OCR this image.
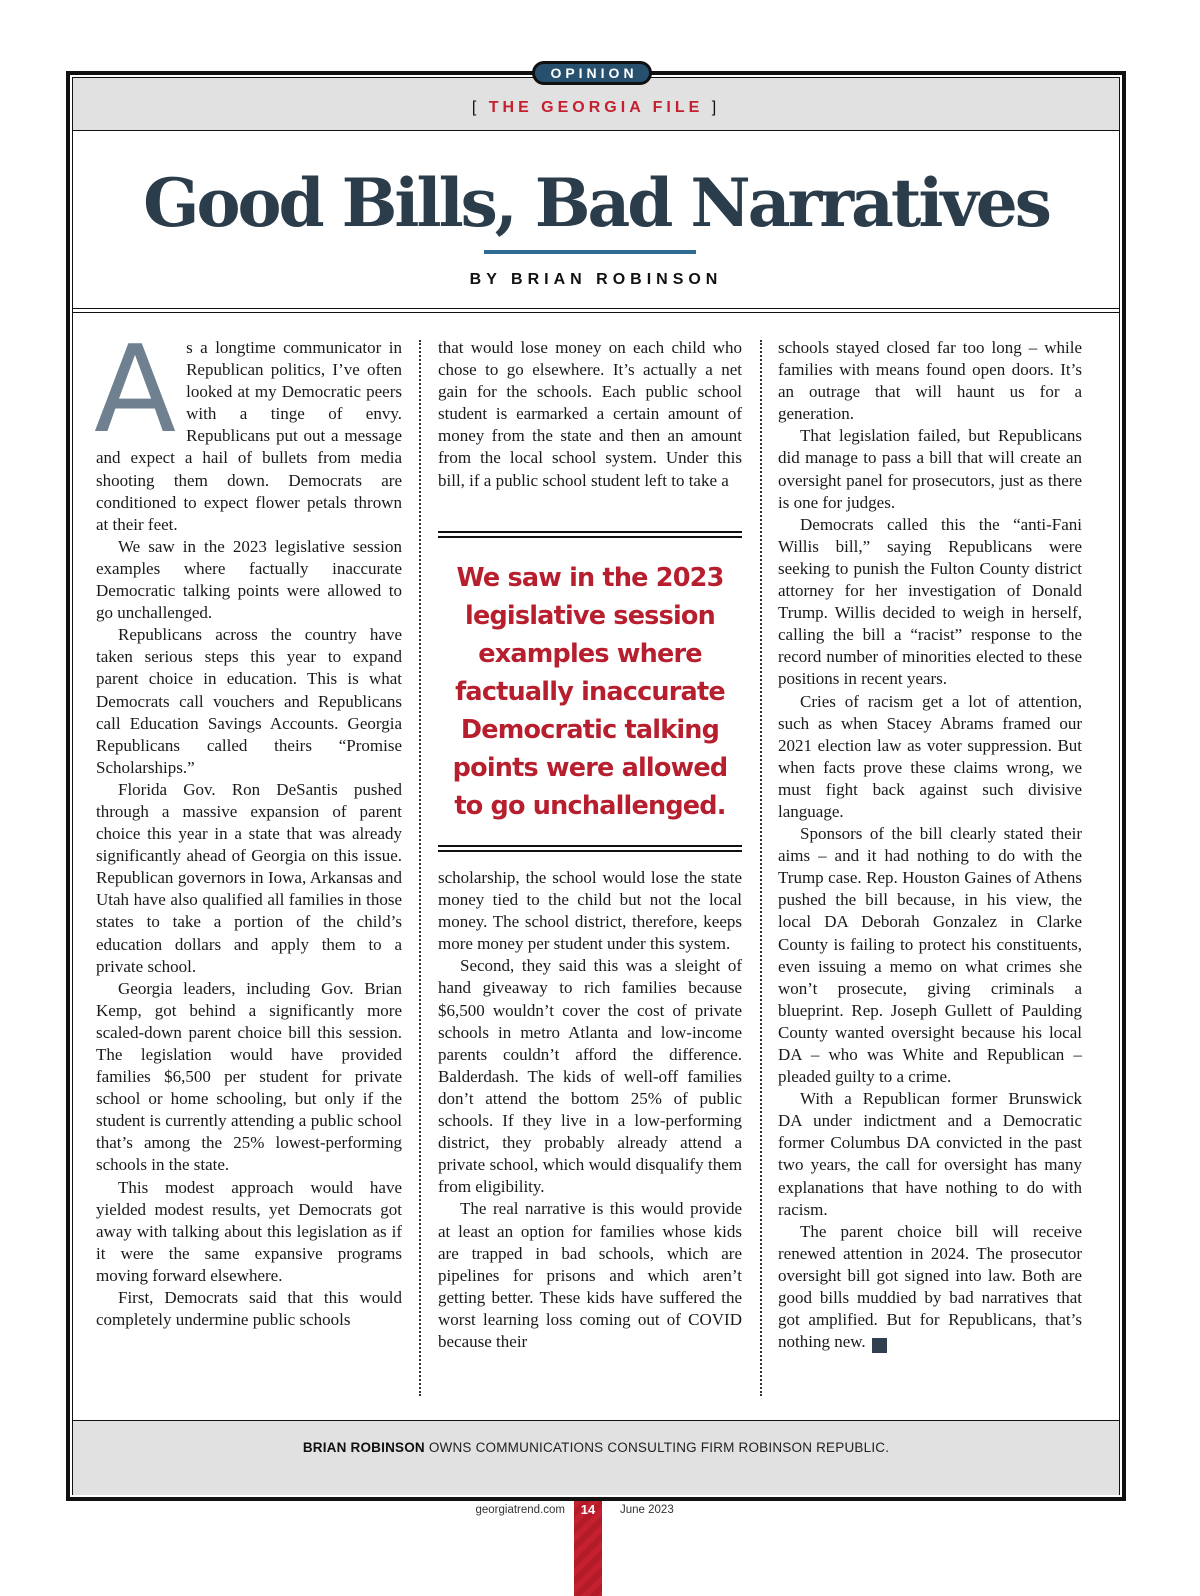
OPINION
[ THE GEORGIA FILE ]
Good Bills, Bad Narratives
BY BRIAN ROBINSON

As a longtime communicator in Republican politics, I’ve often looked at my Democratic peers with a tinge of envy. Republicans put out a message and expect a hail of bullets from media shooting them down. Democrats are conditioned to expect flower petals thrown at their feet.

We saw in the 2023 legislative session examples where factually inaccurate Democratic talking points were allowed to go unchallenged.

Republicans across the country have taken serious steps this year to expand parent choice in education. This is what Democrats call vouchers and Republicans call Education Savings Accounts. Georgia Republicans called theirs “Promise Scholarships.”

Florida Gov. Ron DeSantis pushed through a massive expansion of parent choice this year in a state that was already significantly ahead of Georgia on this issue. Republican governors in Iowa, Arkansas and Utah have also qualified all families in those states to take a portion of the child’s education dollars and apply them to a private school.

Georgia leaders, including Gov. Brian Kemp, got behind a significantly more scaled-down parent choice bill this session. The legislation would have provided families $6,500 per student for private school or home schooling, but only if the student is currently attending a public school that’s among the 25% lowest-performing schools in the state.

This modest approach would have yielded modest results, yet Democrats got away with talking about this legislation as if it were the same expansive programs moving forward elsewhere.

First, Democrats said that this would completely undermine public schools

that would lose money on each child who chose to go elsewhere. It’s actually a net gain for the schools. Each public school student is earmarked a certain amount of money from the state and then an amount from the local school system. Under this bill, if a public school student left to take a

We saw in the 2023 legislative session examples where factually inaccurate Democratic talking points were allowed to go unchallenged.

scholarship, the school would lose the state money tied to the child but not the local money. The school district, therefore, keeps more money per student under this system.

Second, they said this was a sleight of hand giveaway to rich families because $6,500 wouldn’t cover the cost of private schools in metro Atlanta and low-income parents couldn’t afford the difference. Balderdash. The kids of well-off families don’t attend the bottom 25% of public schools. If they live in a low-performing district, they probably already attend a private school, which would disqualify them from eligibility.

The real narrative is this would provide at least an option for families whose kids are trapped in bad schools, which are pipelines for prisons and which aren’t getting better. These kids have suffered the worst learning loss coming out of COVID because their

schools stayed closed far too long – while families with means found open doors. It’s an outrage that will haunt us for a generation.

That legislation failed, but Republicans did manage to pass a bill that will create an oversight panel for prosecutors, just as there is one for judges.

Democrats called this the “anti-Fani Willis bill,” saying Republicans were seeking to punish the Fulton County district attorney for her investigation of Donald Trump. Willis decided to weigh in herself, calling the bill a “racist” response to the record number of minorities elected to these positions in recent years.

Cries of racism get a lot of attention, such as when Stacey Abrams framed our 2021 election law as voter suppression. But when facts prove these claims wrong, we must fight back against such divisive language.

Sponsors of the bill clearly stated their aims – and it had nothing to do with the Trump case. Rep. Houston Gaines of Athens pushed the bill because, in his view, the local DA Deborah Gonzalez in Clarke County is failing to protect his constituents, even issuing a memo on what crimes she won’t prosecute, giving criminals a blueprint. Rep. Joseph Gullett of Paulding County wanted oversight because his local DA – who was White and Republican – pleaded guilty to a crime.

With a Republican former Brunswick DA under indictment and a Democratic former Columbus DA convicted in the past two years, the call for oversight has many explanations that have nothing to do with racism.

The parent choice bill will receive renewed attention in 2024. The prosecutor oversight bill got signed into law. Both are good bills muddied by bad narratives that got amplified. But for Republicans, that’s nothing new.	GT

BRIAN ROBINSON OWNS COMMUNICATIONS CONSULTING FIRM ROBINSON REPUBLIC.
georgiatrend.com	14	June 2023
